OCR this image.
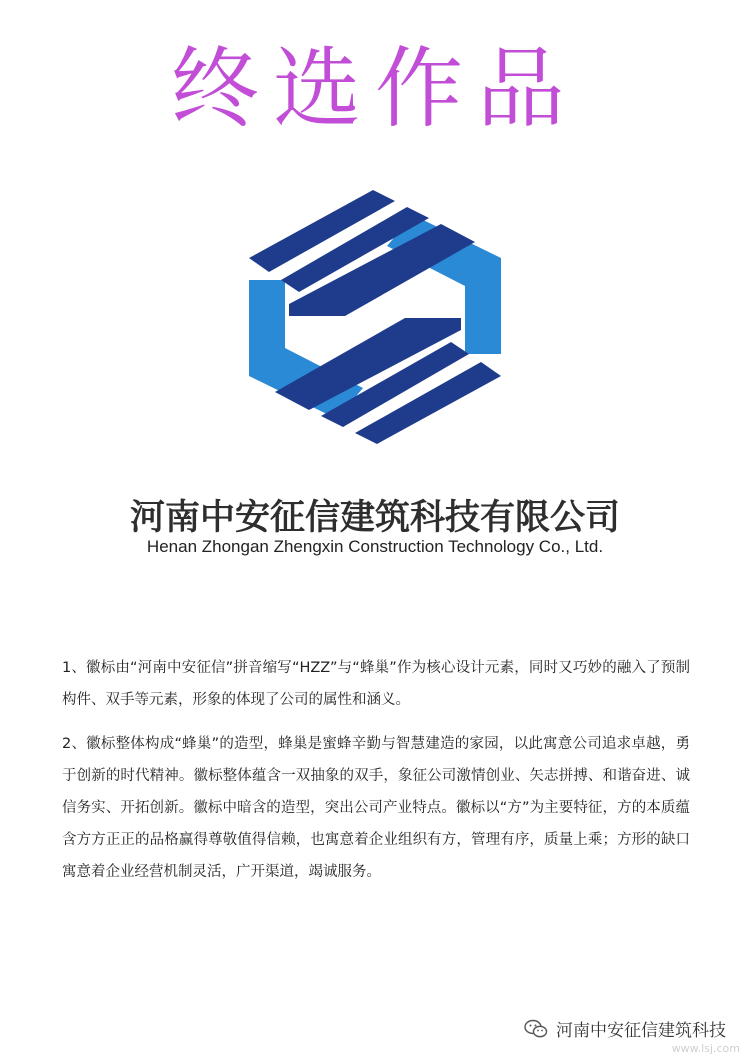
终选作品
河南中安征信建筑科技有限公司
Henan Zhongan Zhengxin Construction Technology Co., Ltd.

1、徽标由“河南中安征信”拼音缩写“HZZ”与“蜂巢”作为核心设计元素，同时又巧妙的融入了预制构件、双手等元素，形象的体现了公司的属性和涵义。

2、徽标整体构成“蜂巢”的造型，蜂巢是蜜蜂辛勤与智慧建造的家园，以此寓意公司追求卓越，勇于创新的时代精神。徽标整体蕴含一双抽象的双手，象征公司激情创业、矢志拼搏、和谐奋进、诚信务实、开拓创新。徽标中暗含的造型，突出公司产业特点。徽标以“方”为主要特征，方的本质蕴含方方正正的品格赢得尊敬值得信赖，也寓意着企业组织有方，管理有序，质量上乘；方形的缺口寓意着企业经营机制灵活，广开渠道，竭诚服务。

河南中安征信建筑科技
www.lsj.com
